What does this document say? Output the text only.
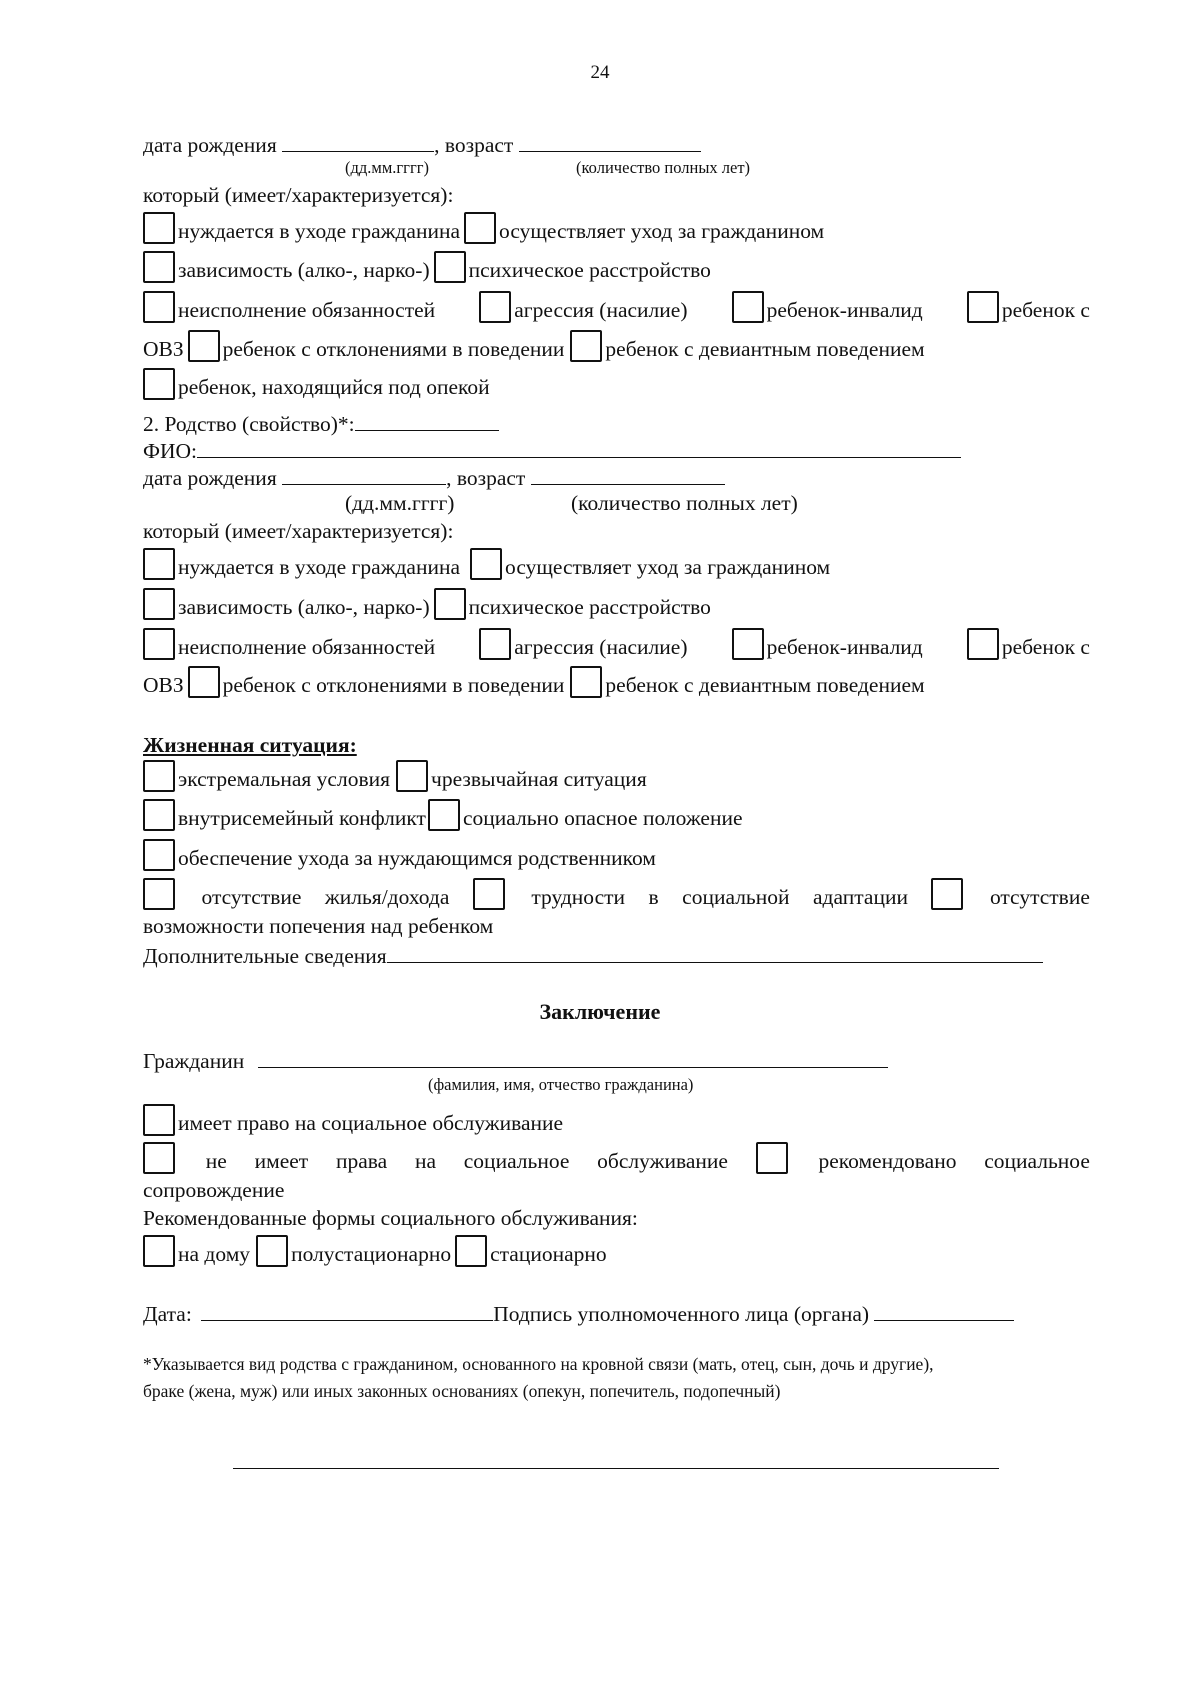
24
дата рождения	, возраст
(дд.мм.гггг)	(количество полных лет)
который (имеет/характеризуется):
нуждается в уходе гражданина осуществляет уход за гражданином
зависимость (алко-, нарко-) психическое расстройство
неисполнение обязанностей	агрессия (насилие)	ребенок-инвалид	ребенок с
ОВЗ ребенок с отклонениями в поведении ребенок с девиантным поведением
ребенок, находящийся под опекой
2. Родство (свойство)*:
ФИО:
дата рождения	, возраст
(дд.мм.гггг)	(количество полных лет)
который (имеет/характеризуется):
нуждается в уходе гражданина осуществляет уход за гражданином
зависимость (алко-, нарко-) психическое расстройство
неисполнение обязанностей	агрессия (насилие)	ребенок-инвалид	ребенок с
ОВЗ ребенок с отклонениями в поведении ребенок с девиантным поведением
Жизненная ситуация:
экстремальная условия чрезвычайная ситуация
внутрисемейный конфликт социально опасное положение
обеспечение ухода за нуждающимся родственником
отсутствие жилья/дохода	трудности в социальной адаптации	отсутствие
возможности попечения над ребенком
Дополнительные сведения
Заключение
Гражданин
(фамилия, имя, отчество гражданина)
имеет право на социальное обслуживание
не имеет права на социальное обслуживание	рекомендовано социальное
сопровождение
Рекомендованные формы социального обслуживания:
на дому полустационарно стационарно
Дата:	Подпись уполномоченного лица (органа)
*Указывается вид родства с гражданином, основанного на кровной связи (мать, отец, сын, дочь и другие),
браке (жена, муж) или иных законных основаниях (опекун, попечитель, подопечный)
